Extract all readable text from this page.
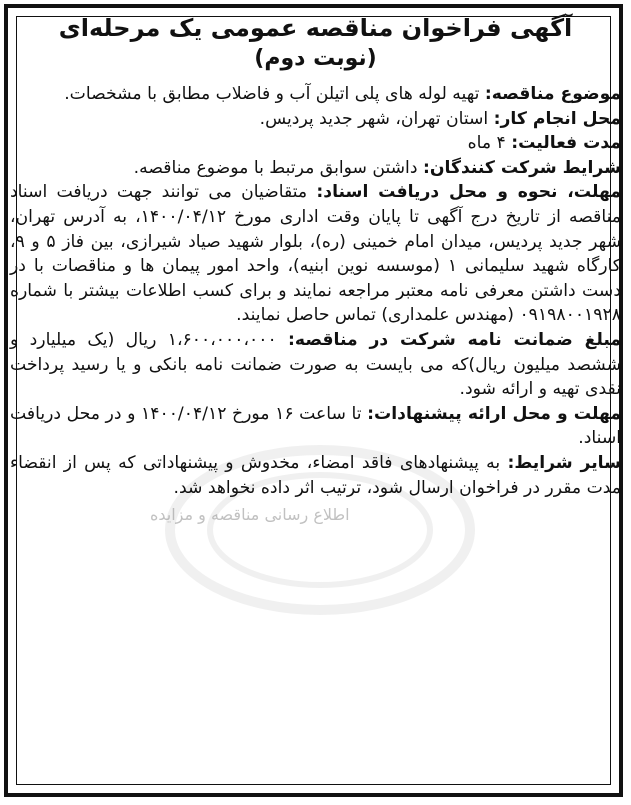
اطلاع رسانی مناقصه و مزایده

آگهی فراخوان مناقصه عمومی یک مرحله‌ای

(نوبت دوم)

موضوع مناقصه: تهیه لوله های پلی اتیلن آب و فاضلاب مطابق با مشخصات.

محل انجام کار: استان تهران، شهر جدید پردیس.

مدت فعالیت: ۴ ماه

شرایط شرکت کنندگان: داشتن سوابق مرتبط با موضوع مناقصه.

مهلت، نحوه و محل دریافت اسناد: متقاضیان می توانند جهت دریافت اسناد مناقصه از تاریخ درج آگهی تا پایان وقت اداری مورخ ۱۴۰۰/۰۴/۱۲، به آدرس تهران، شهر جدید پردیس، میدان امام خمینی (ره)، بلوار شهید صیاد شیرازی، بین فاز ۵ و ۹، کارگاه شهید سلیمانی ۱ (موسسه نوین ابنیه)، واحد امور پیمان ها و مناقصات با در دست داشتن معرفی نامه معتبر مراجعه نمایند و برای کسب اطلاعات بیشتر با شماره ۰۹۱۹۸۰۰۱۹۲۸ (مهندس علمداری) تماس حاصل نمایند.

مبلغ ضمانت نامه شرکت در مناقصه: ۱،۶۰۰،۰۰۰،۰۰۰ ریال (یک میلیارد و ششصد میلیون ریال)که می بایست به صورت ضمانت نامه بانکی و یا رسید پرداخت نقدی تهیه و ارائه شود.

مهلت و محل ارائه پیشنهادات: تا ساعت ۱۶ مورخ ۱۴۰۰/۰۴/۱۲ و در محل دریافت اسناد.

سایر شرایط: به پیشنهادهای فاقد امضاء، مخدوش و پیشنهاداتی که پس از انقضاء مدت مقرر در فراخوان ارسال شود، ترتیب اثر داده نخواهد شد.
